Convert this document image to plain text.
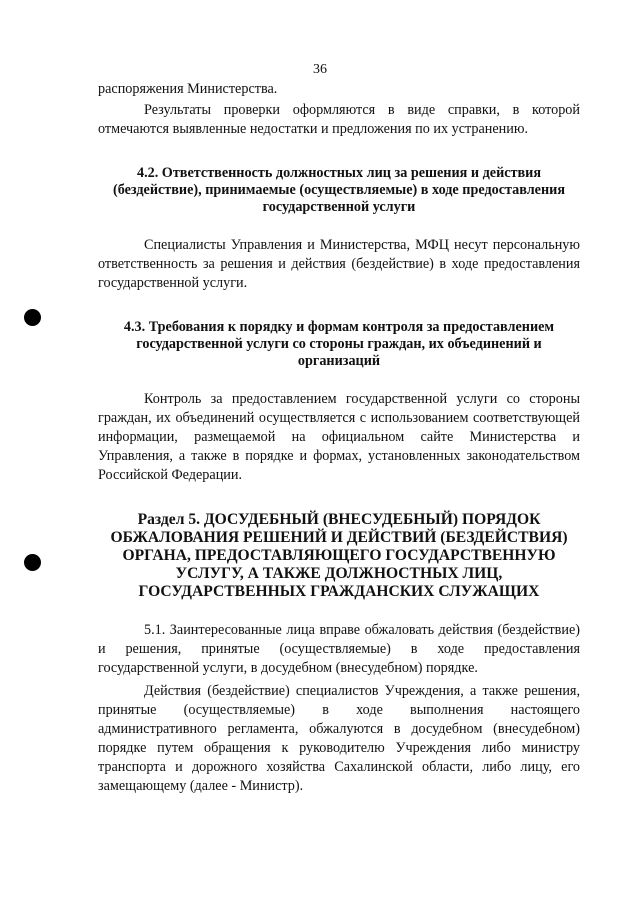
36

распоряжения Министерства.

Результаты проверки оформляются в виде справки, в которой отмечаются выявленные недостатки и предложения по их устранению.

4.2. Ответственность должностных лиц за решения и действия (бездействие), принимаемые (осуществляемые) в ходе предоставления государственной услуги

Специалисты Управления и Министерства, МФЦ несут персональную ответственность за решения и действия (бездействие) в ходе предоставления государственной услуги.

4.3. Требования к порядку и формам контроля за предоставлением государственной услуги со стороны граждан, их объединений и организаций

Контроль за предоставлением государственной услуги со стороны граждан, их объединений осуществляется с использованием соответствующей информации, размещаемой на официальном сайте Министерства и Управления, а также в порядке и формах, установленных законодательством Российской Федерации.

Раздел 5. ДОСУДЕБНЫЙ (ВНЕСУДЕБНЫЙ) ПОРЯДОК ОБЖАЛОВАНИЯ РЕШЕНИЙ И ДЕЙСТВИЙ (БЕЗДЕЙСТВИЯ) ОРГАНА, ПРЕДОСТАВЛЯЮЩЕГО ГОСУДАРСТВЕННУЮ УСЛУГУ, А ТАКЖЕ ДОЛЖНОСТНЫХ ЛИЦ, ГОСУДАРСТВЕННЫХ ГРАЖДАНСКИХ СЛУЖАЩИХ

5.1. Заинтересованные лица вправе обжаловать действия (бездействие) и решения, принятые (осуществляемые) в ходе предоставления государственной услуги, в досудебном (внесудебном) порядке.

Действия (бездействие) специалистов Учреждения, а также решения, принятые (осуществляемые) в ходе выполнения настоящего административного регламента, обжалуются в досудебном (внесудебном) порядке путем обращения к руководителю Учреждения либо министру транспорта и дорожного хозяйства Сахалинской области, либо лицу, его замещающему (далее - Министр).
